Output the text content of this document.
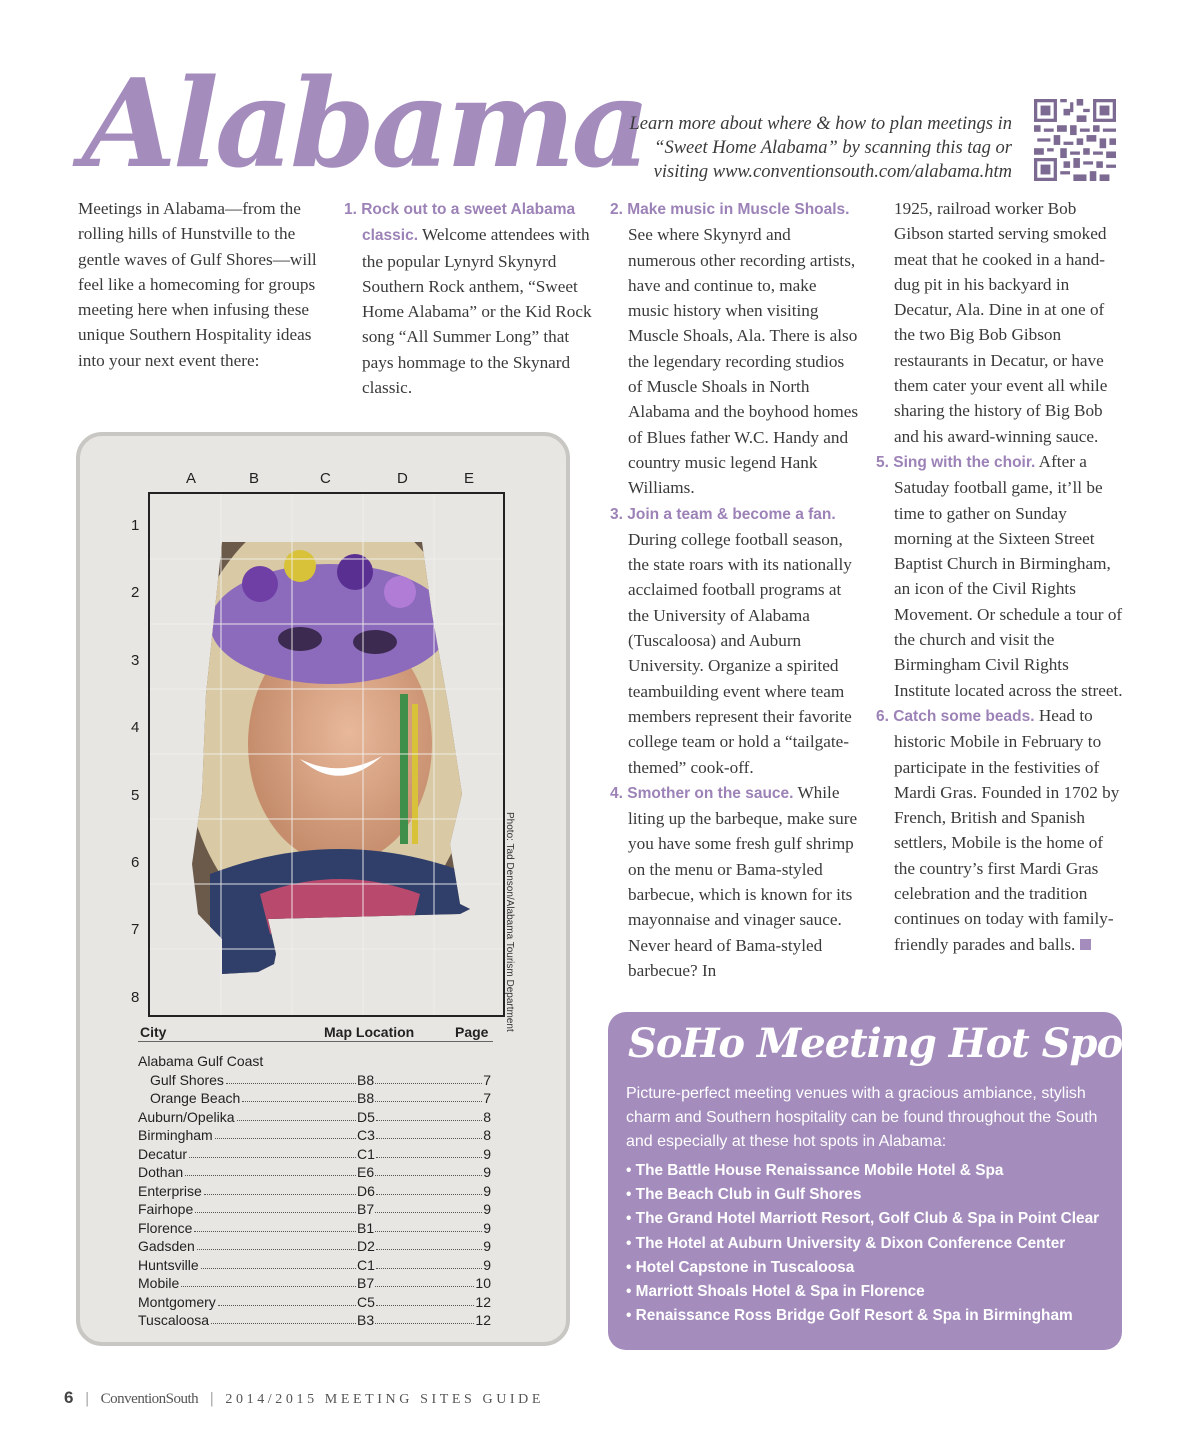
Alabama
Learn more about where & how to plan meetings in
“Sweet Home Alabama” by scanning this tag or
visiting www.conventionsouth.com/alabama.htm

Meetings in Alabama—from the rolling hills of Hunstville to the gentle waves of Gulf Shores—will feel like a homecoming for groups meeting here when infusing these unique Southern Hospitality ideas into your next event there:

1. Rock out to a sweet Alabama classic. Welcome attendees with the popular Lynyrd Skynyrd Southern Rock anthem, “Sweet Home Alabama” or the Kid Rock song “All Summer Long” that pays hommage to the Skynard classic.

2. Make music in Muscle Shoals. See where Skynyrd and numerous other recording artists, have and continue to, make music history when visiting Muscle Shoals, Ala. There is also the legendary recording studios of Muscle Shoals in North Alabama and the boyhood homes of Blues father W.C. Handy and country music legend Hank Williams.

3. Join a team & become a fan. During college football season, the state roars with its nationally acclaimed football programs at the University of Alabama (Tuscaloosa) and Auburn University. Organize a spirited teambuilding event where team members represent their favorite college team or hold a “tailgate-themed” cook-off.

4. Smother on the sauce. While liting up the barbeque, make sure you have some fresh gulf shrimp on the menu or Bama-styled barbecue, which is known for its mayonnaise and vinager sauce. Never heard of Bama-styled barbecue? In

1925, railroad worker Bob Gibson started serving smoked meat that he cooked in a hand-dug pit in his backyard in Decatur, Ala. Dine in at one of the two Big Bob Gibson restaurants in Decatur, or have them cater your event all while sharing the history of Big Bob and his award-winning sauce.

5. Sing with the choir. After a Satuday football game, it’ll be time to gather on Sunday morning at the Sixteen Street Baptist Church in Birmingham, an icon of the Civil Rights Movement. Or schedule a tour of the church and visit the Birmingham Civil Rights Institute located across the street.

6. Catch some beads. Head to historic Mobile in February to participate in the festivities of Mardi Gras. Founded in 1702 by French, British and Spanish settlers, Mobile is the home of the country’s first Mardi Gras celebration and the tradition continues on today with family-friendly parades and balls.

A	B	C	D	E
1
2
3
4
5
6
7
8	Photo: Tad Denson/Alabama Tourism Department
City	Map Location	Page
Alabama Gulf Coast
Gulf Shores	B8	7
Orange Beach	B8	7
Auburn/Opelika	D5	8
Birmingham	C3	8
Decatur	C1	9
Dothan	E6	9
Enterprise	D6	9
Fairhope	B7	9
Florence	B1	9
Gadsden	D2	9
Huntsville	C1	9
Mobile	B7	10
Montgomery	C5	12
Tuscaloosa	B3	12
SoHo Meeting Hot Spots
Picture-perfect meeting venues with a gracious ambiance, stylish charm and Southern hospitality can be found throughout the South and especially at these hot spots in Alabama:
• The Battle House Renaissance Mobile Hotel & Spa
• The Beach Club in Gulf Shores
• The Grand Hotel Marriott Resort, Golf Club & Spa in Point Clear
• The Hotel at Auburn University & Dixon Conference Center
• Hotel Capstone in Tuscaloosa
• Marriott Shoals Hotel & Spa in Florence
• Renaissance Ross Bridge Golf Resort & Spa in Birmingham
6 | ConventionSouth | 2014/2015 MEETING SITES GUIDE
